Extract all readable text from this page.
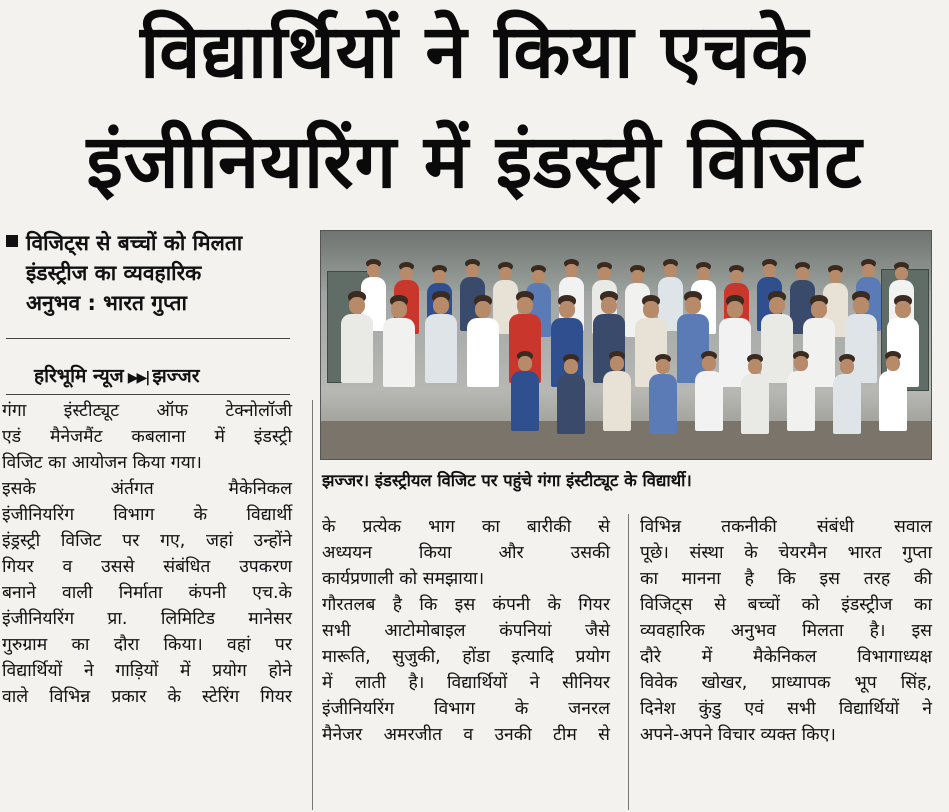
विद्यार्थियों ने किया एचके
इंजीनियरिंग में इंडस्ट्री विजिट
विजिट्स से बच्चों को मिलता
इंडस्ट्रीज का व्यवहारिक
अनुभव : भारत गुप्ता
हरिभूमि न्यूज ▶▶| झज्जर

गंगा इंस्टीट्यूट ऑफ टेक्नोलॉजी

एडं मैनेजमैंट कबलाना में इंडस्ट्री

विजिट का आयोजन किया गया।

इसके अंर्तगत मैकेनिकल

इंजीनियरिंग विभाग के विद्यार्थी

इंड्रस्ट्री विजिट पर गए, जहां उन्होंने

गियर व उससे संबंधित उपकरण

बनाने वाली निर्माता कंपनी एच.के

इंजीनियरिंग प्रा. लिमिटिड मानेसर

गुरुग्राम का दौरा किया। वहां पर

विद्यार्थियों ने गाड़ियों में प्रयोग होने

वाले विभिन्न प्रकार के स्टेरिंग गियर

झज्जर। इंडस्ट्रीयल विजिट पर पहुंचे गंगा इंस्टीट्यूट के विद्यार्थी।

के प्रत्येक भाग का बारीकी से

अध्ययन किया और उसकी

कार्यप्रणाली को समझाया।

गौरतलब है कि इस कंपनी के गियर

सभी आटोमोबाइल कंपनियां जैसे

मारूति, सुजुकी, होंडा इत्यादि प्रयोग

में लाती है। विद्यार्थियों ने सीनियर

इंजीनियरिंग विभाग के जनरल

मैनेजर अमरजीत व उनकी टीम से

विभिन्न तकनीकी संबंधी सवाल

पूछे। संस्था के चेयरमैन भारत गुप्ता

का मानना है कि इस तरह की

विजिट्स से बच्चों को इंडस्ट्रीज का

व्यवहारिक अनुभव मिलता है। इस

दौरे में मैकेनिकल विभागाध्यक्ष

विवेक खोखर, प्राध्यापक भूप सिंह,

दिनेश कुंडु एवं सभी विद्यार्थियों ने

अपने-अपने विचार व्यक्त किए।
